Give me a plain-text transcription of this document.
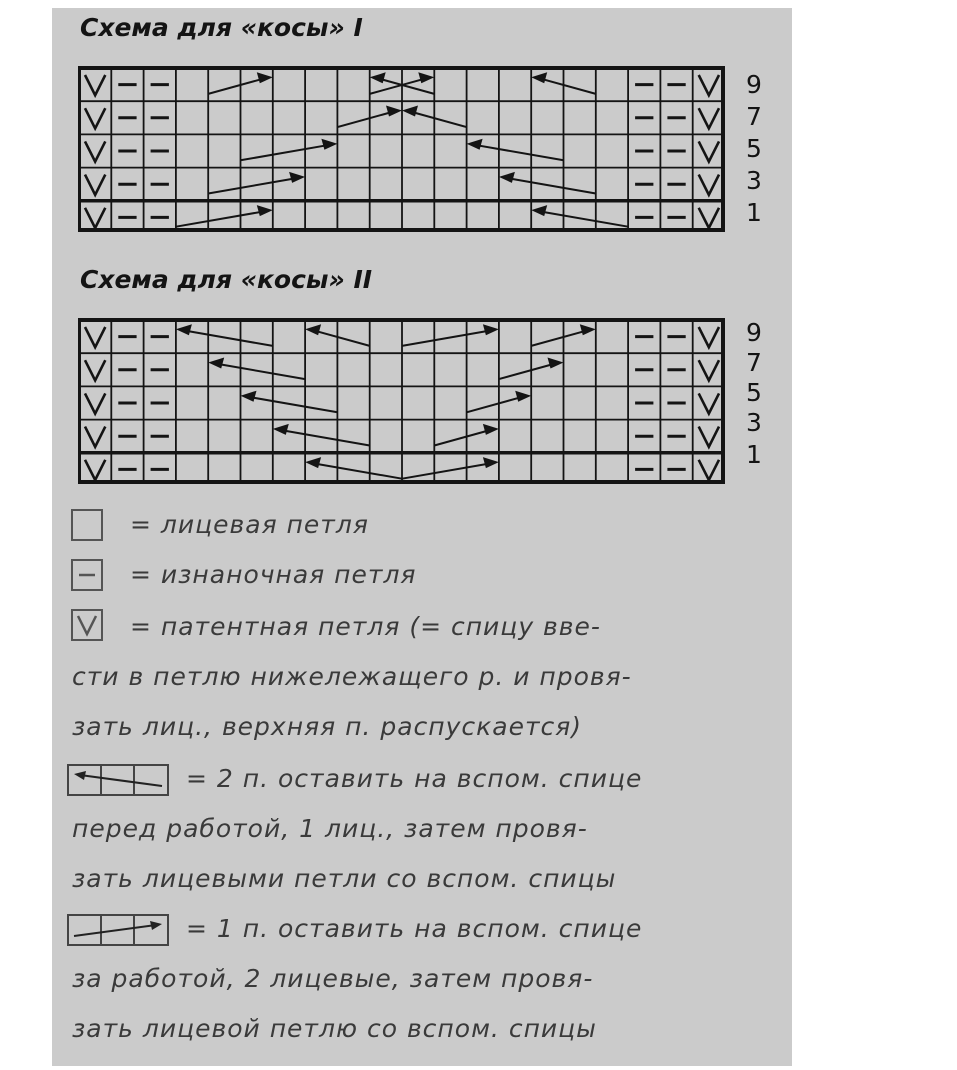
Схема для «косы» I
9
7
5
3
1
Схема для «косы» II
9
7
5
3
1

= лицевая петля

= изнаночная петля

= патентная петля (= спицу вве-

сти в петлю нижележащего р. и провя-

зать лиц., верхняя п. распускается)

= 2 п. оставить на вспом. спице

перед работой, 1 лиц., затем провя-

зать лицевыми петли со вспом. спицы

= 1 п. оставить на вспом. спице

за работой, 2 лицевые, затем провя-

зать лицевой петлю со вспом. спицы
